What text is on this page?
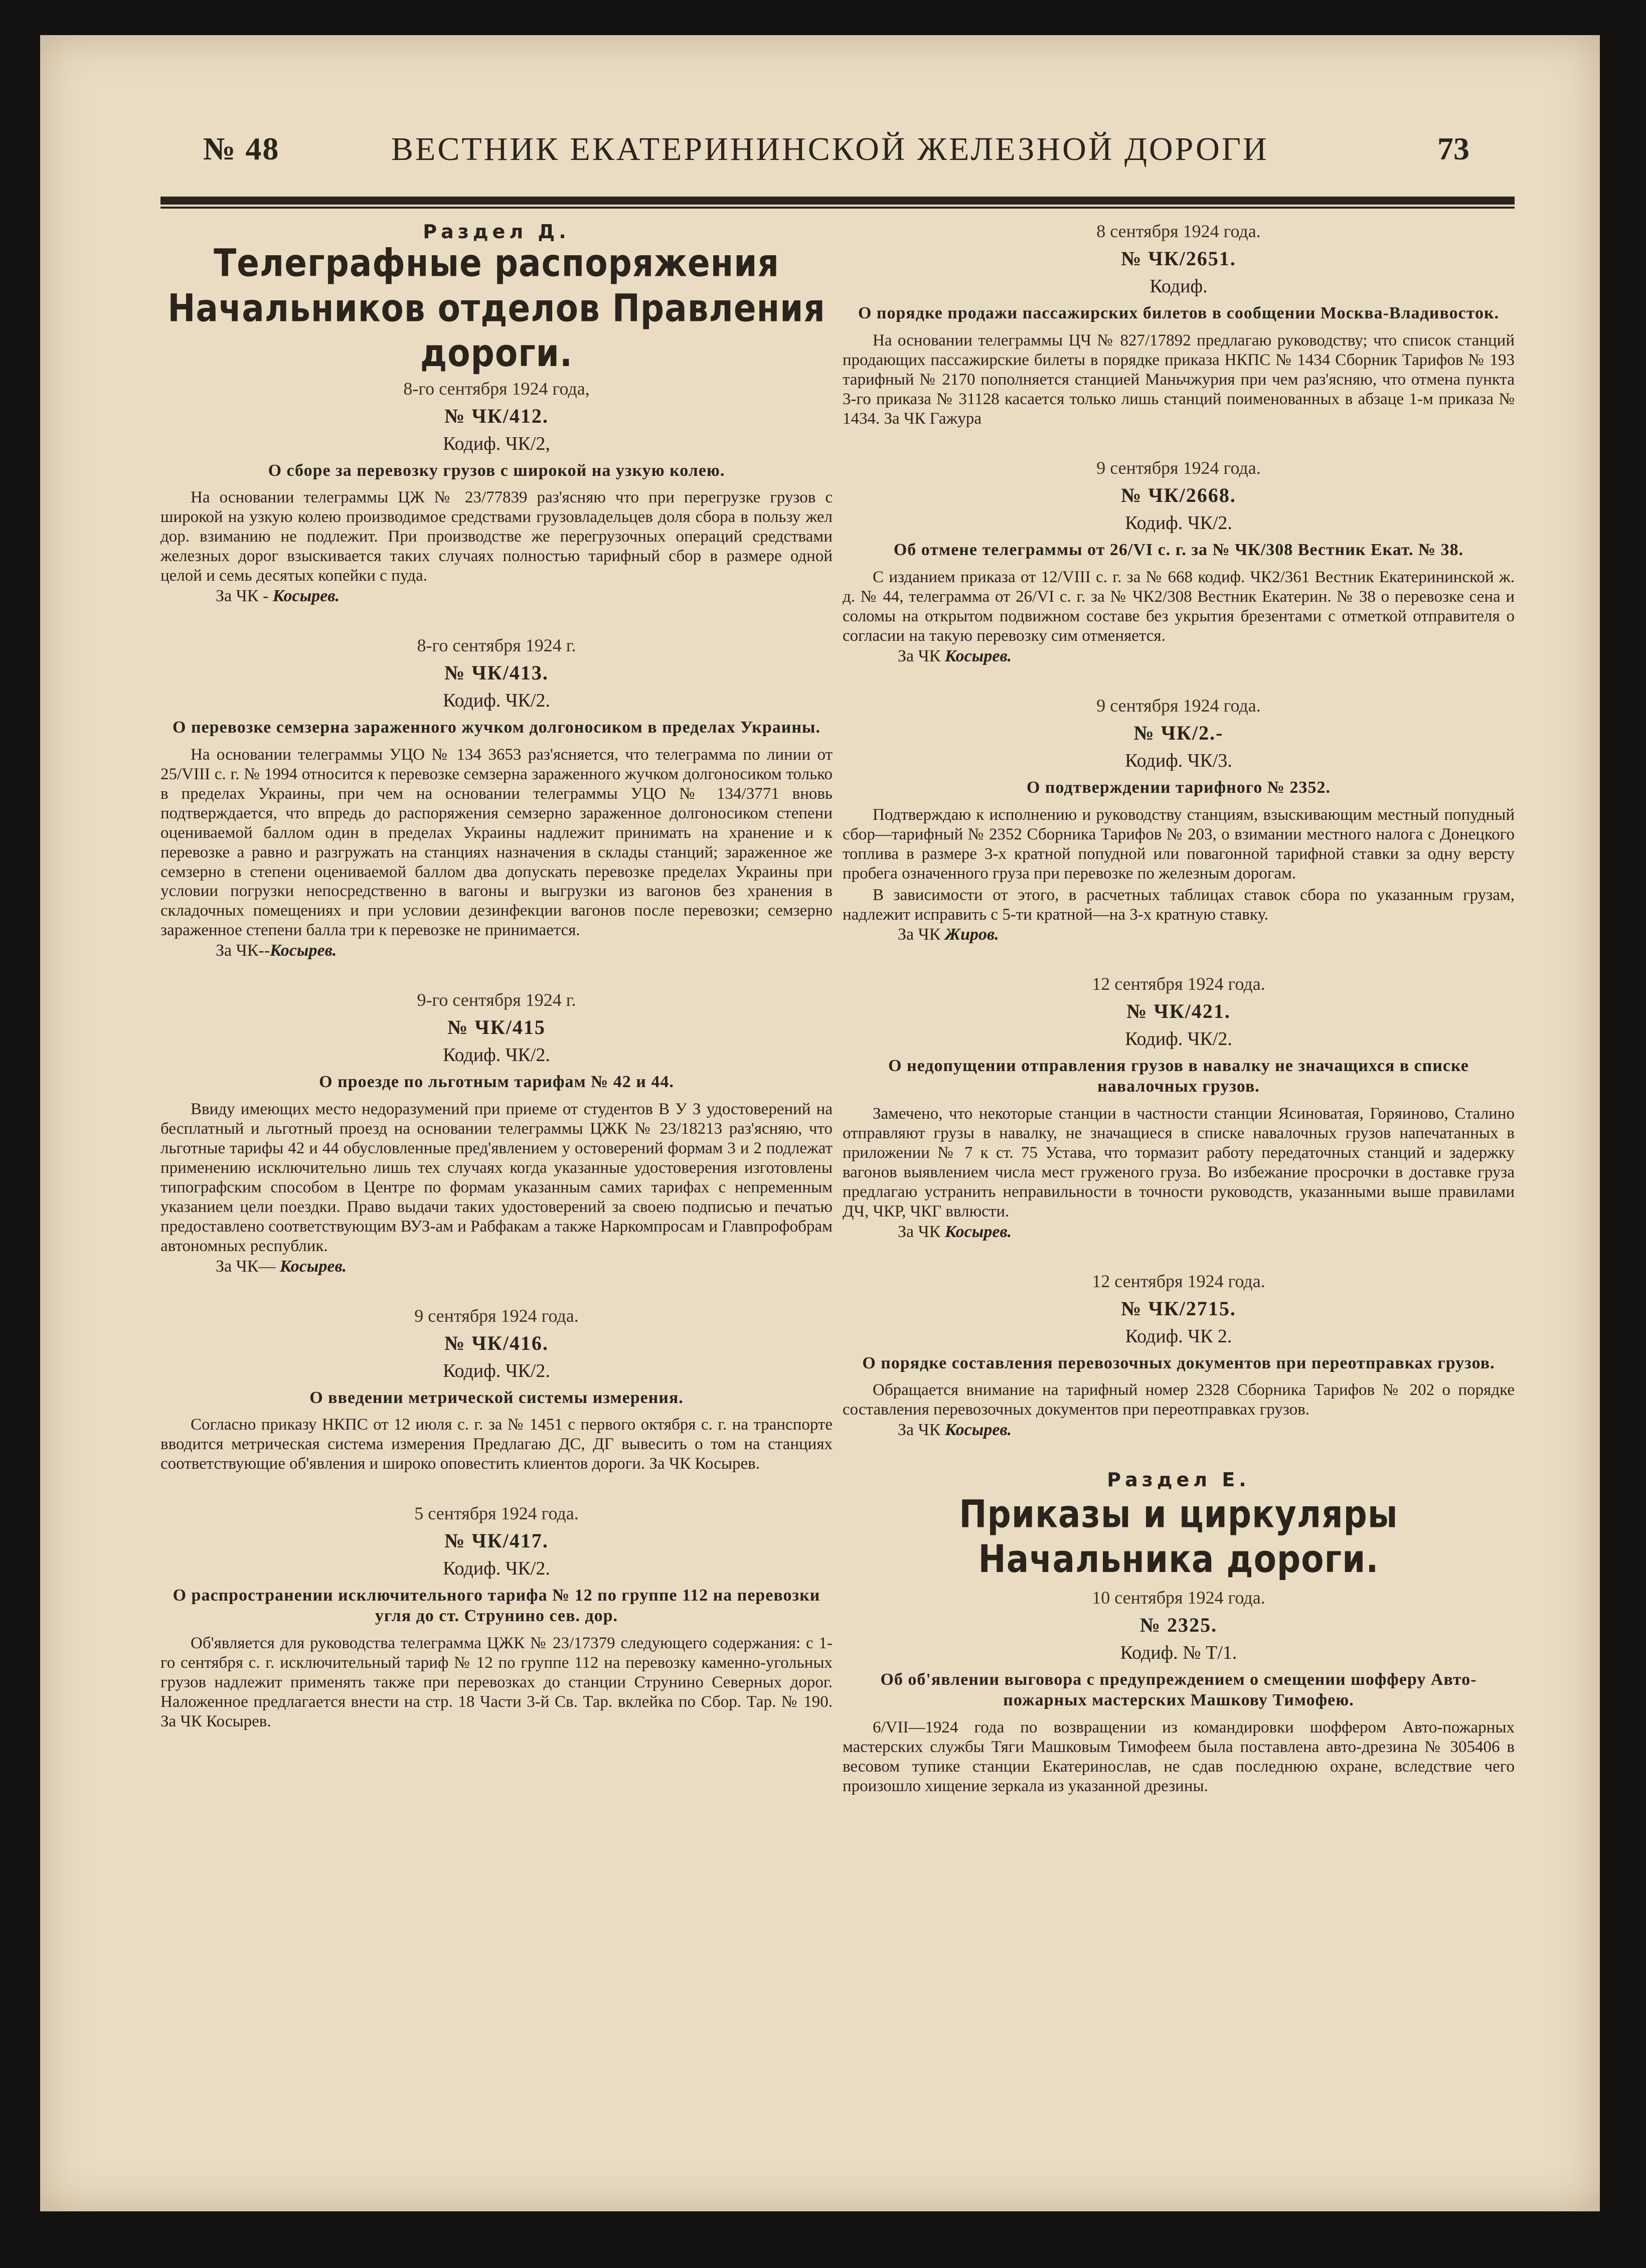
№ 48	ВЕСТНИК ЕКАТЕРИНИНСКОЙ ЖЕЛЕЗНОЙ ДОРОГИ	73
Раздел Д.
Телеграфные распоряжения Начальников отделов Правления дороги.
8-го сентября 1924 года,
№ ЧК/412.
Кодиф. ЧК/2,
О сборе за перевозку грузов с широкой на узкую колею.

На основании телеграммы ЦЖ № 23/77839 раз'ясняю что при перегрузке грузов с широкой на узкую колею производимое средствами грузовладельцев доля сбора в пользу жел дор. взиманию не подлежит. При производстве же перегрузочных операций средствами железных дорог взыскивается таких случаях полностью тарифный сбор в размере одной целой и семь десятых копейки с пуда.

За ЧК - Косырев.
8-го сентября 1924 г.
№ ЧК/413.
Кодиф. ЧК/2.
О перевозке семзерна зараженного жучком долгоносиком в пределах Украины.

На основании телеграммы УЦО № 134 3653 раз'ясняется, что телеграмма по линии от 25/VIII с. г. № 1994 относится к перевозке семзерна зараженного жучком долгоносиком только в пределах Украины, при чем на основании телеграммы УЦО № 134/3771 вновь подтверждается, что впредь до распоряжения семзерно зараженное долгоносиком степени оцениваемой баллом один в пределах Украины надлежит принимать на хранение и к перевозке а равно и разгружать на станциях назначения в склады станций; зараженное же семзерно в степени оцениваемой баллом два допускать перевозке пределах Украины при условии погрузки непосредственно в вагоны и выгрузки из вагонов без хранения в складочных помещениях и при условии дезинфекции вагонов после перевозки; семзерно зараженное степени балла три к перевозке не принимается.

За ЧК--Косырев.
9-го сентября 1924 г.
№ ЧК/415
Кодиф. ЧК/2.
О проезде по льготным тарифам № 42 и 44.

Ввиду имеющих место недоразумений при приеме от студентов В У З удостоверений на бесплатный и льготный проезд на основании телеграммы ЦЖК № 23/18213 раз'ясняю, что льготные тарифы 42 и 44 обусловленные пред'явлением у остоверений формам 3 и 2 подлежат применению исключительно лишь тех случаях когда указанные удостоверения изготовлены типографским способом в Центре по формам указанным самих тарифах с непременным указанием цели поездки. Право выдачи таких удостоверений за своею подписью и печатью предоставлено соответствующим ВУЗ-ам и Рабфакам а также Наркомпросам и Главпрофобрам автономных республик.

За ЧК— Косырев.
9 сентября 1924 года.
№ ЧК/416.
Кодиф. ЧК/2.
О введении метрической системы измерения.

Согласно приказу НКПС от 12 июля с. г. за № 1451 с первого октября с. г. на транспорте вводится метрическая система измерения Предлагаю ДС, ДГ вывесить о том на станциях соответствующие об'явления и широко оповестить клиентов дороги. За ЧК Косырев.

5 сентября 1924 года.
№ ЧК/417.
Кодиф. ЧК/2.
О распространении исключительного тарифа № 12 по группе 112 на перевозки угля до ст. Струнино сев. дор.

Об'является для руководства телеграмма ЦЖК № 23/17379 следующего содержания: с 1-го сентября с. г. исключительный тариф № 12 по группе 112 на перевозку каменно-угольных грузов надлежит применять также при перевозках до станции Струнино Северных дорог. Наложенное предлагается внести на стр. 18 Части 3-й Св. Тар. вклейка по Сбор. Тар. № 190. За ЧК Косырев.

8 сентября 1924 года.
№ ЧК/2651.
Кодиф.
О порядке продажи пассажирских билетов в сообщении Москва-Владивосток.

На основании телеграммы ЦЧ № 827/17892 предлагаю руководству; что список станций продающих пассажирские билеты в порядке приказа НКПС № 1434 Сборник Тарифов № 193 тарифный № 2170 пополняется станцией Маньчжурия при чем раз'ясняю, что отмена пункта 3-го приказа № 31128 касается только лишь станций поименованных в абзаце 1-м приказа № 1434. За ЧК Гажура

9 сентября 1924 года.
№ ЧК/2668.
Кодиф. ЧК/2.
Об отмене телеграммы от 26/VI с. г. за № ЧК/308 Вестник Екат. № 38.

С изданием приказа от 12/VIII с. г. за № 668 кодиф. ЧК2/361 Вестник Екатерининской ж. д. № 44, телеграмма от 26/VI с. г. за № ЧК2/308 Вестник Екатерин. № 38 о перевозке сена и соломы на открытом подвижном составе без укрытия брезентами с отметкой отправителя о согласии на такую перевозку сим отменяется.

За ЧК Косырев.
9 сентября 1924 года.
№ ЧК/2.-
Кодиф. ЧК/3.
О подтверждении тарифного № 2352.

Подтверждаю к исполнению и руководству станциям, взыскивающим местный попудный сбор—тарифный № 2352 Сборника Тарифов № 203, о взимании местного налога с Донецкого топлива в размере 3-х кратной попудной или повагонной тарифной ставки за одну версту пробега означенного груза при перевозке по железным дорогам.

В зависимости от этого, в расчетных таблицах ставок сбора по указанным грузам, надлежит исправить с 5-ти кратной—на 3-х кратную ставку.

За ЧК Жиров.
12 сентября 1924 года.
№ ЧК/421.
Кодиф. ЧК/2.
О недопущении отправления грузов в навалку не значащихся в списке навалочных грузов.

Замечено, что некоторые станции в частности станции Ясиноватая, Горяиново, Сталино отправляют грузы в навалку, не значащиеся в списке навалочных грузов напечатанных в приложении № 7 к ст. 75 Устава, что тормазит работу передаточных станций и задержку вагонов выявлением числа мест груженого груза. Во избежание просрочки в доставке груза предлагаю устранить неправильности в точности руководств, указанными выше правилами ДЧ, ЧКР, ЧКГ ввлюсти.

За ЧК Косырев.
12 сентября 1924 года.
№ ЧК/2715.
Кодиф. ЧК 2.
О порядке составления перевозочных документов при переотправках грузов.

Обращается внимание на тарифный номер 2328 Сборника Тарифов № 202 о порядке составления перевозочных документов при переотправках грузов.

За ЧК Косырев.
Раздел Е.
Приказы и циркуляры Начальника дороги.
10 сентября 1924 года.
№ 2325.
Кодиф. № Т/1.
Об об'явлении выговора с предупреждением о смещении шофферу Авто-пожарных мастерских Машкову Тимофею.

6/VII—1924 года по возвращении из командировки шоффером Авто-пожарных мастерских службы Тяги Машковым Тимофеем была поставлена авто-дрезина № 305406 в весовом тупике станции Екатеринослав, не сдав последнюю охране, вследствие чего произошло хищение зеркала из указанной дрезины.
